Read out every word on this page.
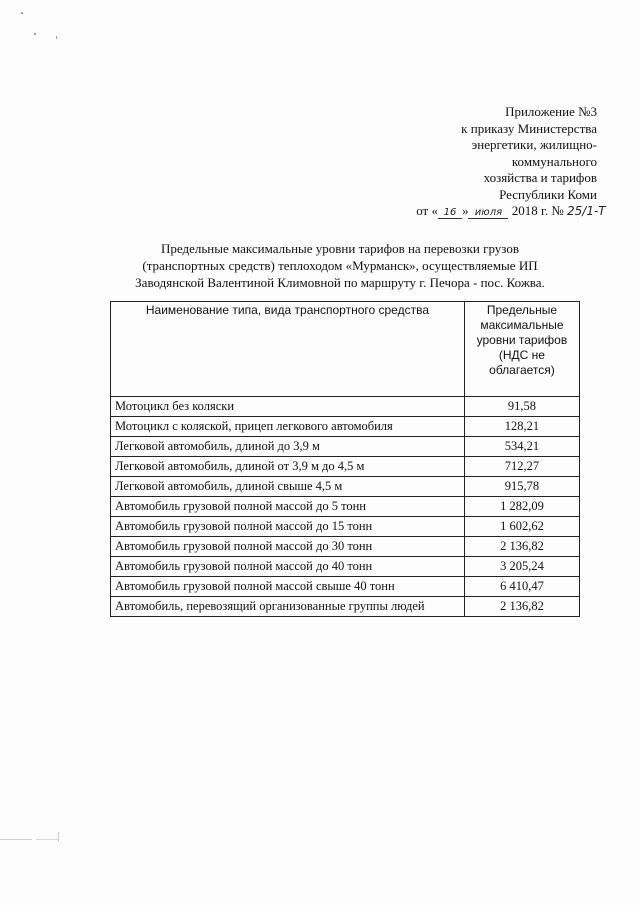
Приложение №3
к приказу Министерства
энергетики, жилищно-
коммунального
хозяйства и тарифов
Республики Коми
от « 16 » июля 2018 г. № 25/1-Т
Предельные максимальные уровни тарифов на перевозки грузов
(транспортных средств) теплоходом «Мурманск», осуществляемые ИП
Заводянской Валентиной Климовной по маршруту г. Печора - пос. Кожва.
Наименование типа, вида транспортного средства	Предельные
максимальные
уровни тарифов
(НДС не
облагается)

Мотоцикл без коляски	91,58
Мотоцикл с коляской, прицеп легкового автомобиля	128,21
Легковой автомобиль, длиной до 3,9 м	534,21
Легковой автомобиль, длиной от 3,9 м до 4,5 м	712,27
Легковой автомобиль, длиной свыше 4,5 м	915,78
Автомобиль грузовой полной массой до 5 тонн	1 282,09
Автомобиль грузовой полной массой до 15 тонн	1 602,62
Автомобиль грузовой полной массой до 30 тонн	2 136,82
Автомобиль грузовой полной массой до 40 тонн	3 205,24
Автомобиль грузовой полной массой свыше 40 тонн	6 410,47
Автомобиль, перевозящий организованные группы людей	2 136,82
